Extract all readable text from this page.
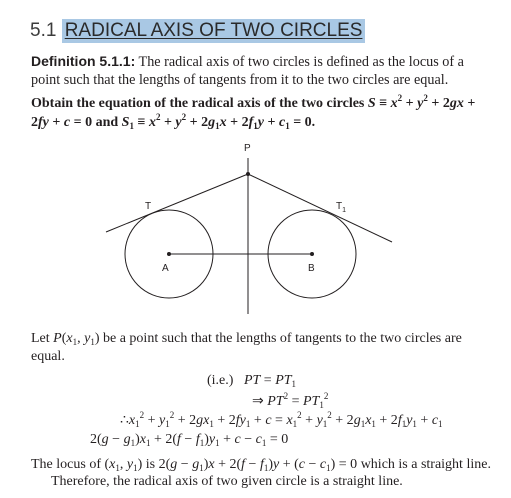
5.1 RADICAL AXIS OF TWO CIRCLES
Definition 5.1.1: The radical axis of two circles is defined as the locus of a point such that the lengths of tangents from it to the two circles are equal.
Obtain the equation of the radical axis of the two circles $S \equiv x^2 + y^2 + 2gx + 2fy + c = 0$ and $S_1 \equiv x^2 + y^2 + 2g_1x + 2f_1y + c_1 = 0$.
P
T	$T_1$
A	B
Let $P(x_1$, $y_1$) be a point such that the lengths of tangents to the two circles are equal.
(i.e.) PT = $PT_1$
⇒ $PT^2 = PT_1^2$
$\therefore x_1^2 + y_1^2 + 2gx_1 + 2fy_1 + c = x_1^2 + y_1^2 + 2g_1x_1 + 2f_1y_1 + c_1$
$2(g - g_1)x_1 + 2(f - f_1)y_1 + c - c_1 = 0$
The locus of ($x_1$, $y_1$) is $2(g - g_1)x + 2(f - f_1)y + (c - c_1) = 0$ which is a straight line.
Therefore, the radical axis of two given circle is a straight line.
